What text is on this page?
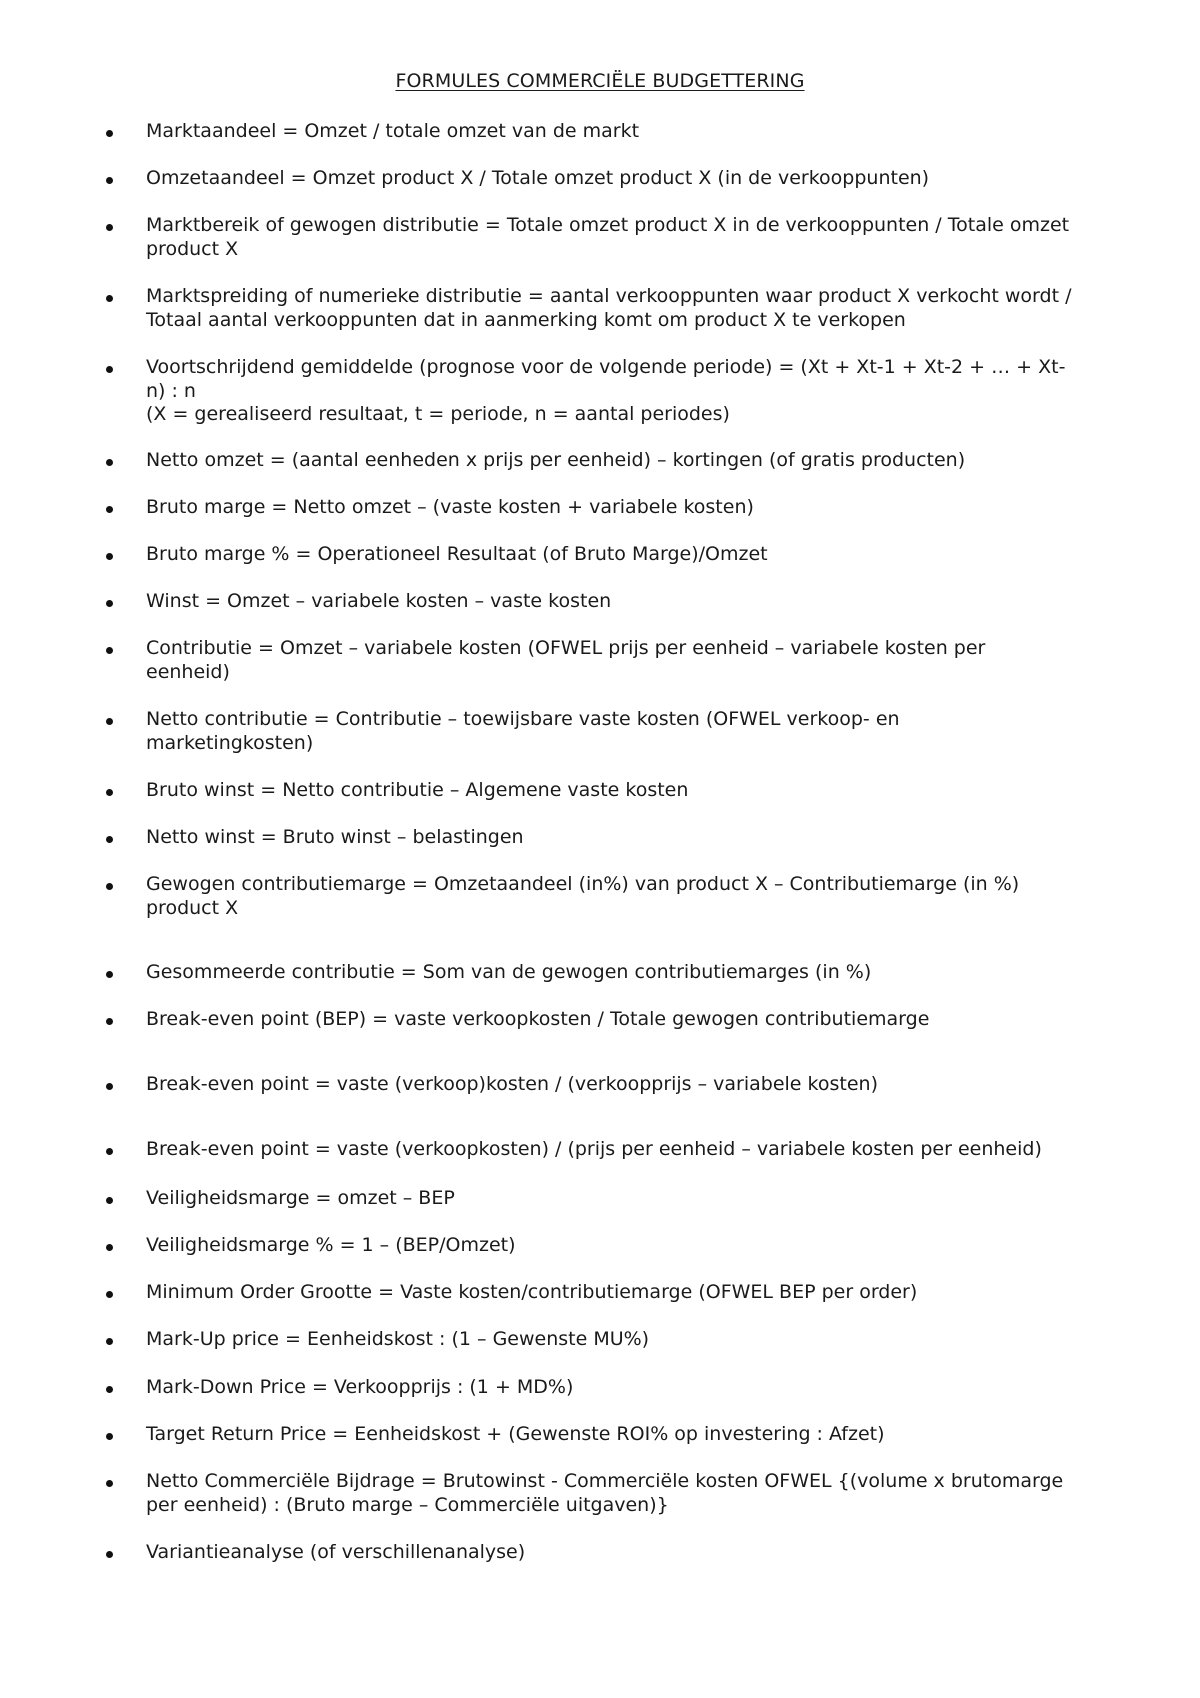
FORMULES COMMERCIËLE BUDGETTERING
Marktaandeel = Omzet / totale omzet van de markt
Omzetaandeel = Omzet product X / Totale omzet product X (in de verkooppunten)
Marktbereik of gewogen distributie = Totale omzet product X in de verkooppunten / Totale omzet
product X
Marktspreiding of numerieke distributie = aantal verkooppunten waar product X verkocht wordt /
Totaal aantal verkooppunten dat in aanmerking komt om product X te verkopen
Voortschrijdend gemiddelde (prognose voor de volgende periode) = (Xt + Xt-1 + Xt-2 + … + Xt-
n) : n
(X = gerealiseerd resultaat, t = periode, n = aantal periodes)
Netto omzet = (aantal eenheden x prijs per eenheid) – kortingen (of gratis producten)
Bruto marge = Netto omzet – (vaste kosten + variabele kosten)
Bruto marge % = Operationeel Resultaat (of Bruto Marge)/Omzet
Winst = Omzet – variabele kosten – vaste kosten
Contributie = Omzet – variabele kosten (OFWEL prijs per eenheid – variabele kosten per
eenheid)
Netto contributie = Contributie – toewijsbare vaste kosten (OFWEL verkoop- en
marketingkosten)
Bruto winst = Netto contributie – Algemene vaste kosten
Netto winst = Bruto winst – belastingen
Gewogen contributiemarge = Omzetaandeel (in%) van product X – Contributiemarge (in %)
product X
Gesommeerde contributie = Som van de gewogen contributiemarges (in %)
Break-even point (BEP) = vaste verkoopkosten / Totale gewogen contributiemarge
Break-even point = vaste (verkoop)kosten / (verkoopprijs – variabele kosten)
Break-even point = vaste (verkoopkosten) / (prijs per eenheid – variabele kosten per eenheid)
Veiligheidsmarge = omzet – BEP
Veiligheidsmarge % = 1 – (BEP/Omzet)
Minimum Order Grootte = Vaste kosten/contributiemarge (OFWEL BEP per order)
Mark-Up price = Eenheidskost : (1 – Gewenste MU%)
Mark-Down Price = Verkoopprijs : (1 + MD%)
Target Return Price = Eenheidskost + (Gewenste ROI% op investering : Afzet)
Netto Commerciële Bijdrage = Brutowinst - Commerciële kosten OFWEL {(volume x brutomarge
per eenheid) : (Bruto marge – Commerciële uitgaven)}
Variantieanalyse (of verschillenanalyse)
